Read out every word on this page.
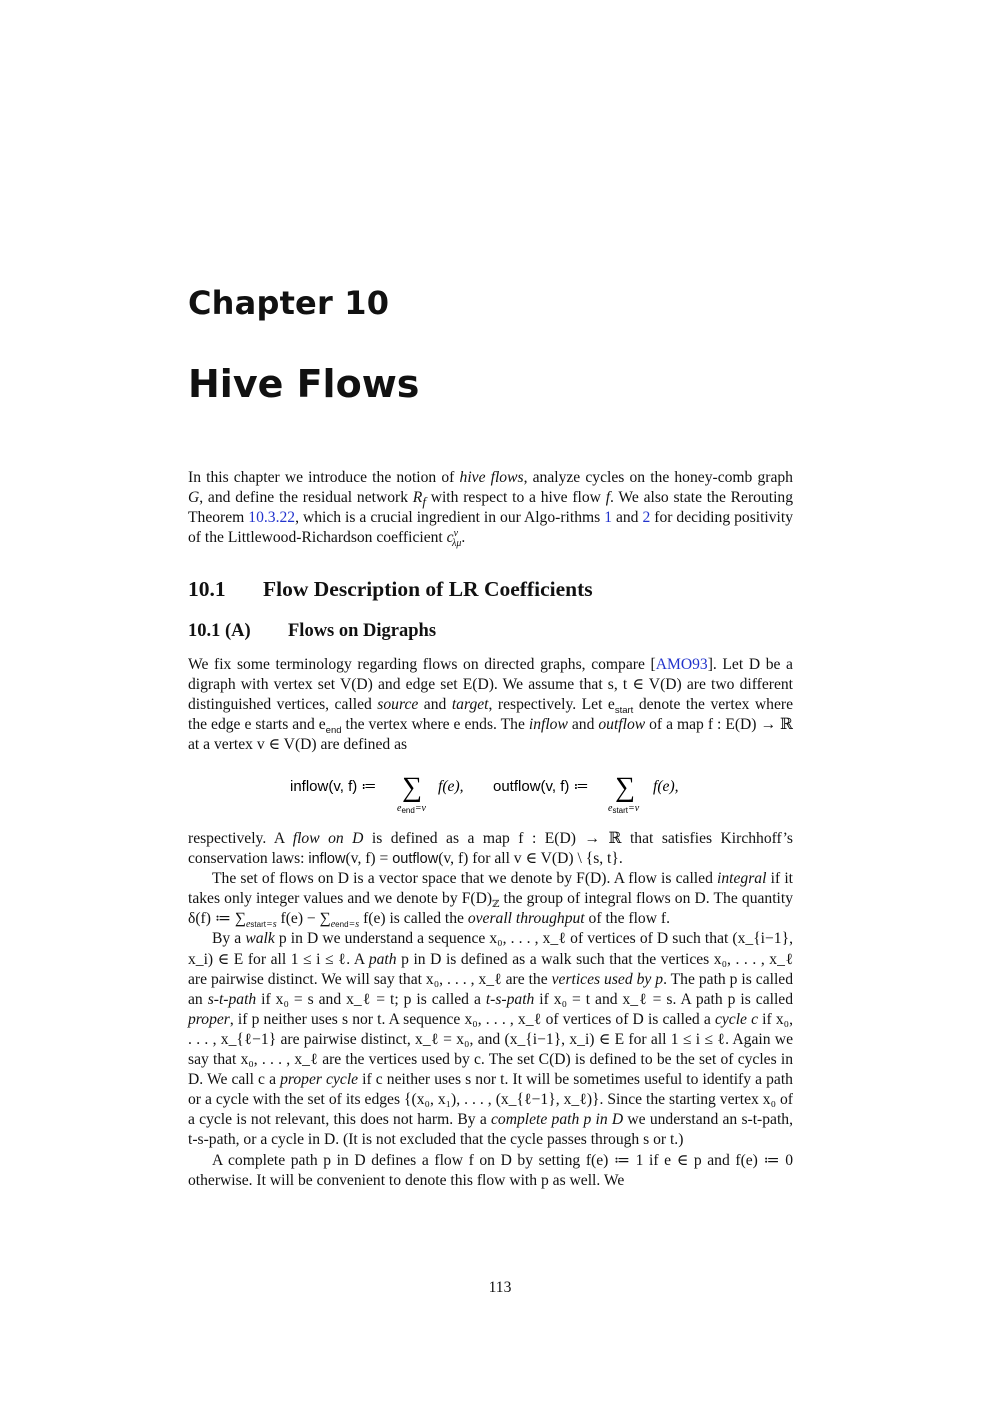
Chapter 10
Hive Flows

In this chapter we introduce the notion of hive flows, analyze cycles on the honey-comb graph G, and define the residual network $R_f$ with respect to a hive flow f. We also state the Rerouting Theorem 10.3.22, which is a crucial ingredient in our Algo-rithms 1 and 2 for deciding positivity of the Littlewood-Richardson coefficient $c^\nu_{\lambda\mu}$.

10.1 Flow Description of LR Coefficients
10.1 (A) Flows on Digraphs

We fix some terminology regarding flows on directed graphs, compare [AMO93]. Let D be a digraph with vertex set V(D) and edge set E(D). We assume that s, t ∈ V(D) are two different distinguished vertices, called source and target, respectively. Let $e_{start}$ denote the vertex where the edge e starts and $e_{end}$ the vertex where e ends. The inflow and outflow of a map f : E(D) → ℝ at a vertex v ∈ V(D) are defined as

inflow(v, f) ≔ ∑
$e_{end}=v$
f(e), outflow(v, f) ≔ ∑
$e_{start}=v$
f(e),

respectively. A flow on D is defined as a map f : E(D) → ℝ that satisfies Kirchhoff’s conservation laws: inflow(v, f) = outflow(v, f) for all v ∈ V(D) \ {s, t}.

The set of flows on D is a vector space that we denote by F(D). A flow is called integral if it takes only integer values and we denote by $F(D)_ℤ$ the group of integral flows on D. The quantity δ(f) ≔ $\sum_{estart=s}$ $f(e) - \sum_{eend=s}$ f(e) is called the overall throughput of the flow f.

By a walk p in D we understand a sequence x₀, . . . , x_ℓ of vertices of D such that (x_{i−1}, x_i) ∈ E for all 1 ≤ i ≤ ℓ. A path p in D is defined as a walk such that the vertices x₀, . . . , x_ℓ are pairwise distinct. We will say that x₀, . . . , x_ℓ are the vertices used by p. The path p is called an s-t-path if x₀ = s and x_ℓ = t; p is called a t-s-path if x₀ = t and x_ℓ = s. A path p is called proper, if p neither uses s nor t. A sequence x₀, . . . , x_ℓ of vertices of D is called a cycle c if x₀, . . . , x_{ℓ−1} are pairwise distinct, x_ℓ = x₀, and (x_{i−1}, x_i) ∈ E for all 1 ≤ i ≤ ℓ. Again we say that x₀, . . . , x_ℓ are the vertices used by c. The set C(D) is defined to be the set of cycles in D. We call c a proper cycle if c neither uses s nor t. It will be sometimes useful to identify a path or a cycle with the set of its edges {(x₀, x₁), . . . , (x_{ℓ−1}, x_ℓ)}. Since the starting vertex x₀ of a cycle is not relevant, this does not harm. By a complete path p in D we understand an s-t-path, t-s-path, or a cycle in D. (It is not excluded that the cycle passes through s or t.)

A complete path p in D defines a flow f on D by setting f(e) ≔ 1 if e ∈ p and f(e) ≔ 0 otherwise. It will be convenient to denote this flow with p as well. We

113
